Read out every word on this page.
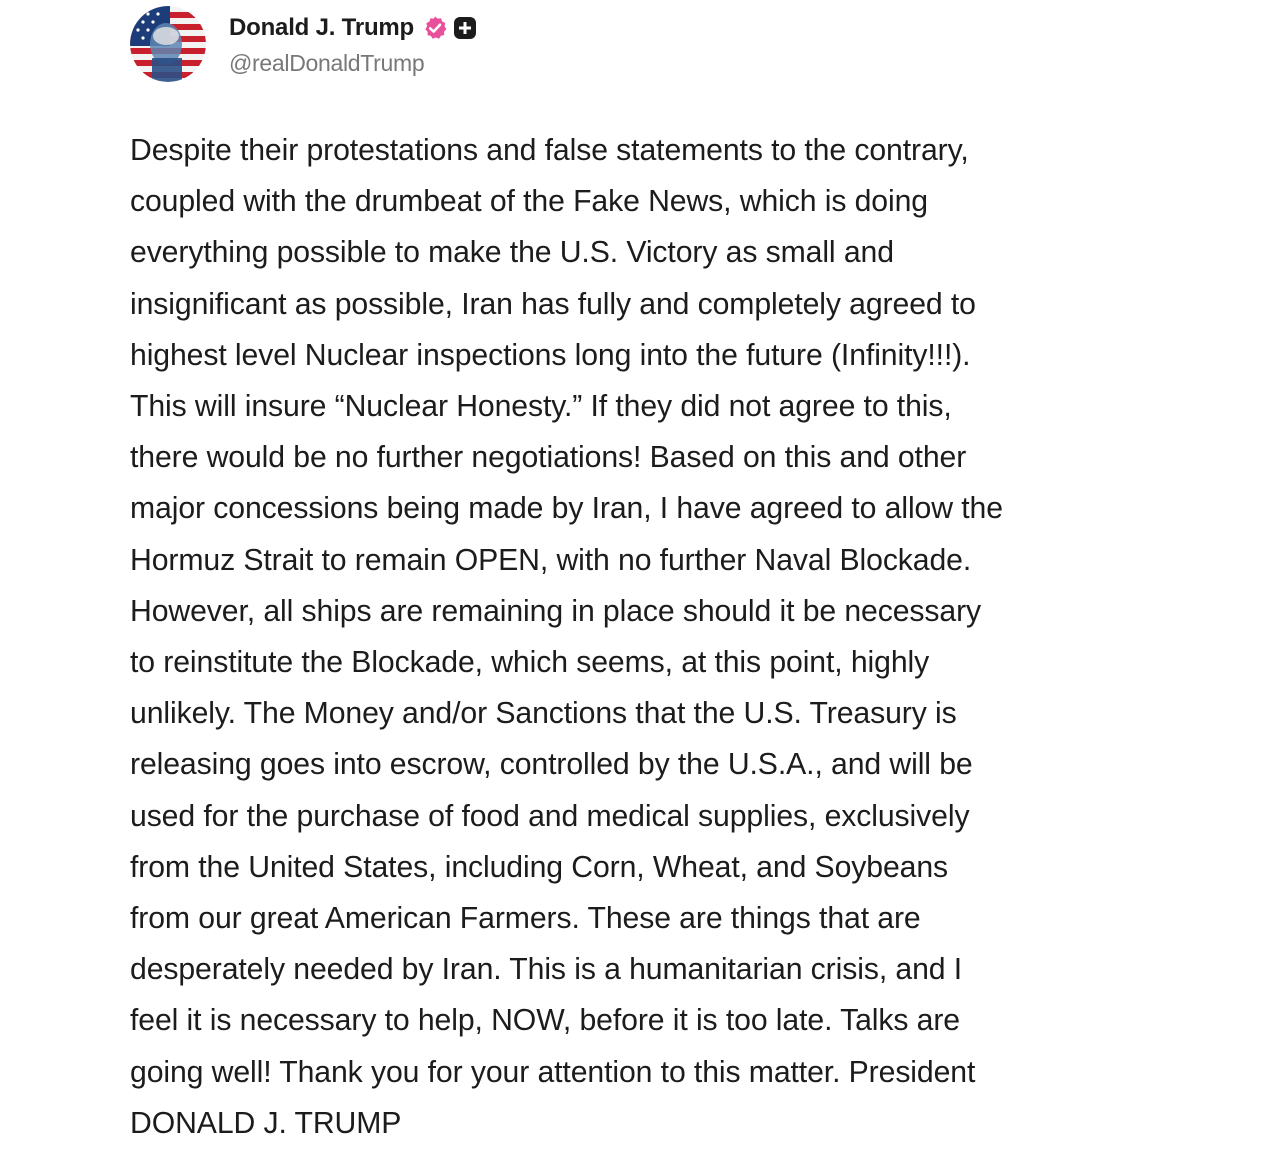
Donald J. Trump
@realDonaldTrump
Despite their protestations and false statements to the contrary,
coupled with the drumbeat of the Fake News, which is doing
everything possible to make the U.S. Victory as small and
insignificant as possible, Iran has fully and completely agreed to
highest level Nuclear inspections long into the future (Infinity!!!).
This will insure “Nuclear Honesty.” If they did not agree to this,
there would be no further negotiations! Based on this and other
major concessions being made by Iran, I have agreed to allow the
Hormuz Strait to remain OPEN, with no further Naval Blockade.
However, all ships are remaining in place should it be necessary
to reinstitute the Blockade, which seems, at this point, highly
unlikely. The Money and/or Sanctions that the U.S. Treasury is
releasing goes into escrow, controlled by the U.S.A., and will be
used for the purchase of food and medical supplies, exclusively
from the United States, including Corn, Wheat, and Soybeans
from our great American Farmers. These are things that are
desperately needed by Iran. This is a humanitarian crisis, and I
feel it is necessary to help, NOW, before it is too late. Talks are
going well! Thank you for your attention to this matter. President
DONALD J. TRUMP
